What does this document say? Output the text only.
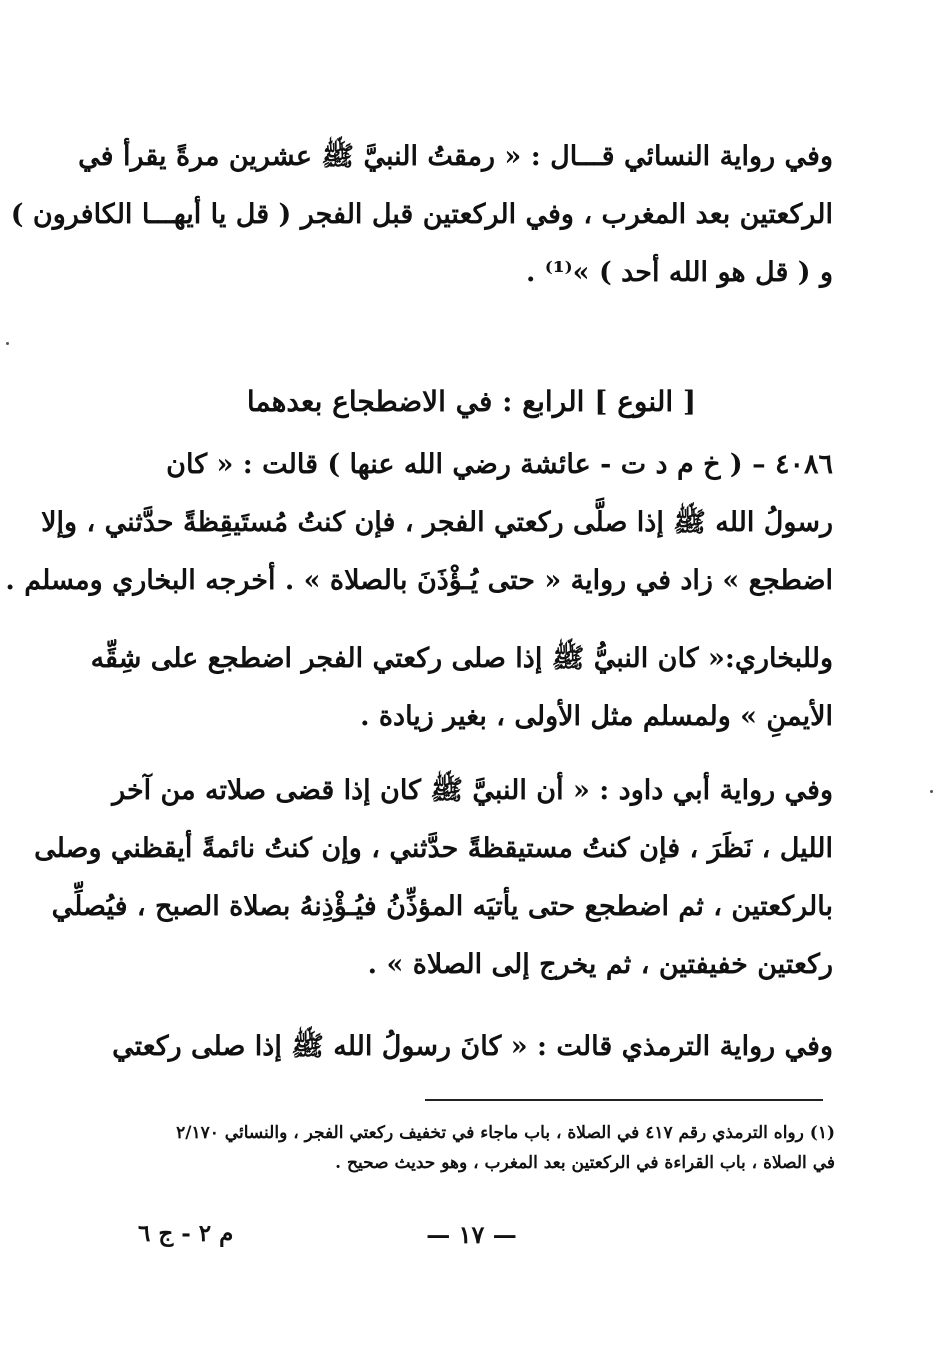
وفي رواية النسائي قـــال : « رمقتُ النبيَّ ﷺ عشرين مرةً يقرأ في
الركعتين بعد المغرب ، وفي الركعتين قبل الفجر ( قل يا أيهـــا الكافرون )
و ( قل هو الله أحد ) »⁽¹⁾ .
[ النوع ] الرابع : في الاضطجاع بعدهما
٤٠٨٦ – ( خ م د ت - عائشة رضي الله عنها ) قالت : « كان
رسولُ الله ﷺ إذا صلَّى ركعتي الفجر ، فإن كنتُ مُستَيقِظةً حدَّثني ، وإلا
اضطجع » زاد في رواية « حتى يُـؤْذَنَ بالصلاة » . أخرجه البخاري ومسلم .
وللبخاري:« كان النبيُّ ﷺ إذا صلى ركعتي الفجر اضطجع على شِقِّه
الأيمنِ » ولمسلم مثل الأولى ، بغير زيادة .
وفي رواية أبي داود : « أن النبيَّ ﷺ كان إذا قضى صلاته من آخر
الليل ، نَظَرَ ، فإن كنتُ مستيقظةً حدَّثني ، وإن كنتُ نائمةً أيقظني وصلى
بالركعتين ، ثم اضطجع حتى يأتيَه المؤذِّنُ فيُـؤْذِنهُ بصلاة الصبح ، فيُصلِّي
ركعتين خفيفتين ، ثم يخرج إلى الصلاة » .
وفي رواية الترمذي قالت : « كانَ رسولُ الله ﷺ إذا صلى ركعتي
(١) رواه الترمذي رقم ٤١٧ في الصلاة ، باب ماجاء في تخفيف ركعتي الفجر ، والنسائي ٢/١٧٠
في الصلاة ، باب القراءة في الركعتين بعد المغرب ، وهو حديث صحيح .
— ١٧ —
م ٢ - ج ٦
